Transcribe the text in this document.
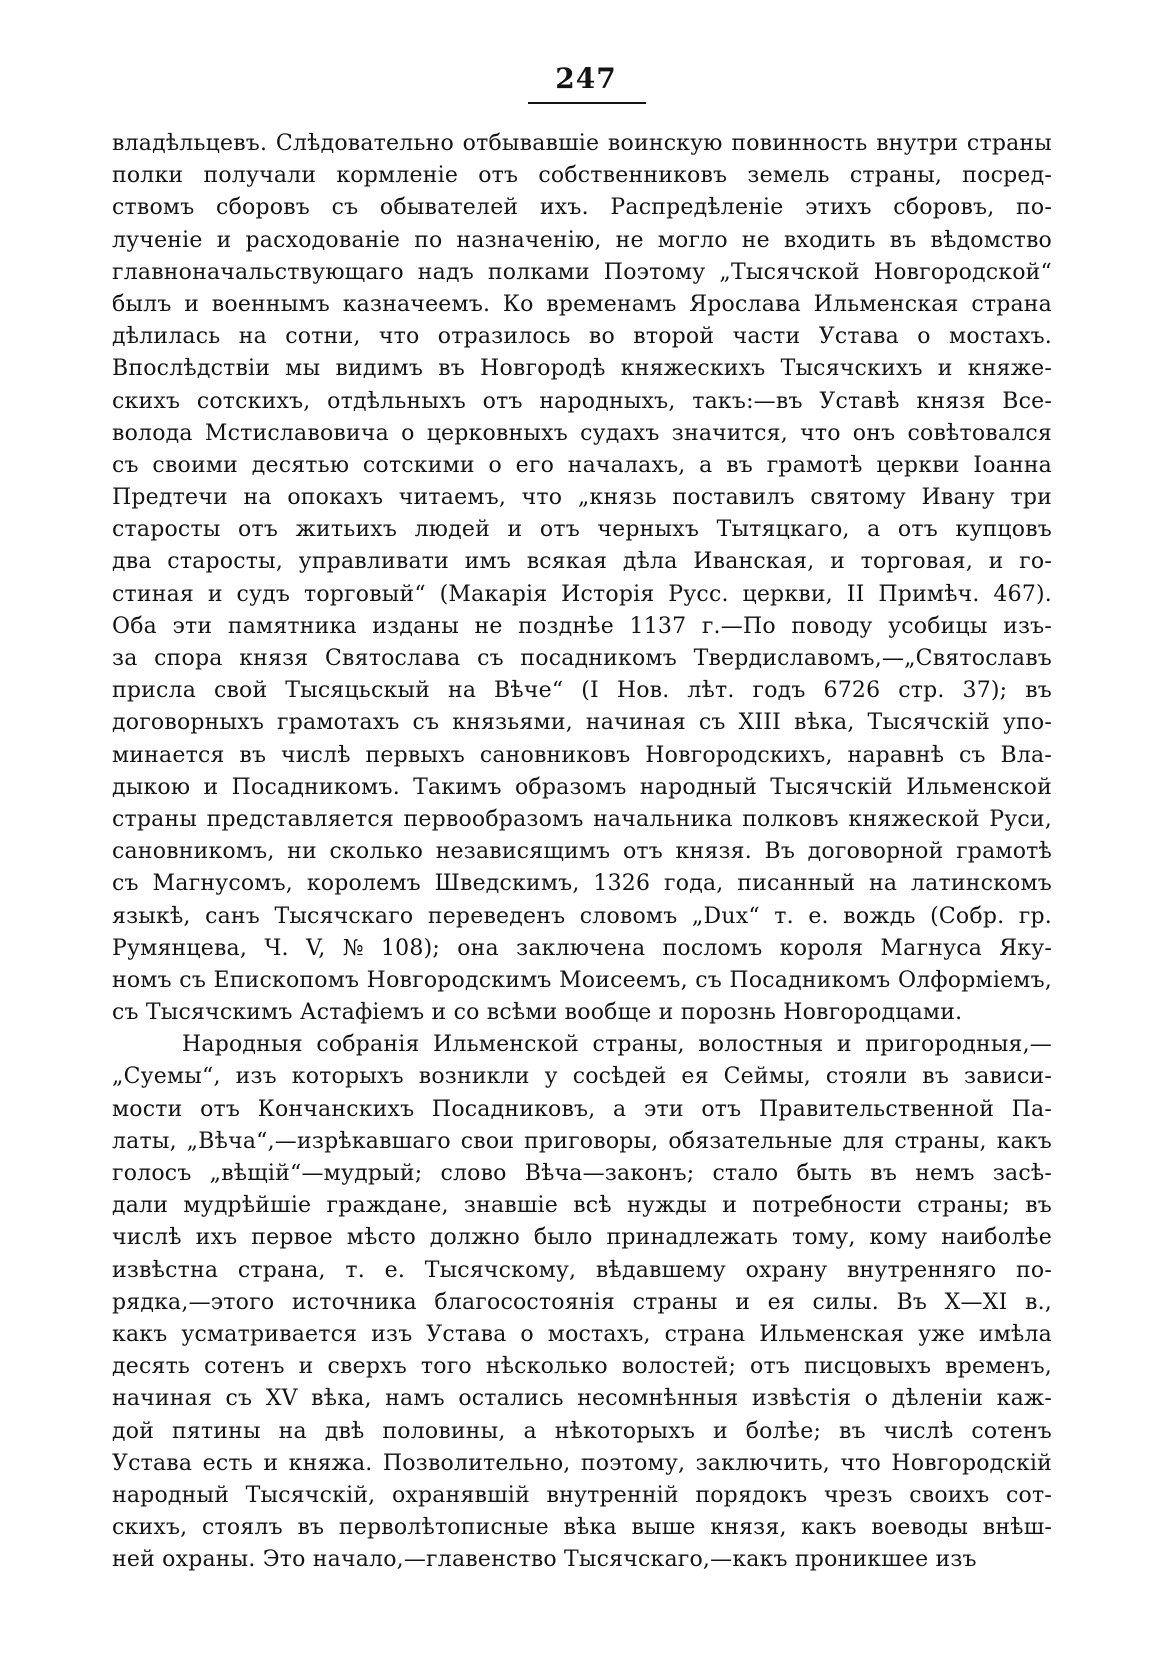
247
владѣльцевъ. Слѣдовательно отбывавшіе воинскую повинность внутри страны
полки получали кормленіе отъ собственниковъ земель страны, посред-
ствомъ сборовъ съ обывателей ихъ. Распредѣленіе этихъ сборовъ, по-
лученіе и расходованіе по назначенію, не могло не входить въ вѣдомство
главноначальствующаго надъ полками Поэтому „Тысячской Новгородской“
былъ и военнымъ казначеемъ. Ко временамъ Ярослава Ильменская страна
дѣлилась на сотни, что отразилось во второй части Устава о мостахъ.
Впослѣдствіи мы видимъ въ Новгородѣ княжескихъ Тысячскихъ и княже-
скихъ сотскихъ, отдѣльныхъ отъ народныхъ, такъ:—въ Уставѣ князя Все-
волода Мстиславовича о церковныхъ судахъ значится, что онъ совѣтовался
съ своими десятью сотскими о его началахъ, а въ грамотѣ церкви Іоанна
Предтечи на опокахъ читаемъ, что „князь поставилъ святому Ивану три
старосты отъ житьихъ людей и отъ черныхъ Тытяцкаго, а отъ купцовъ
два старосты, управливати имъ всякая дѣла Иванская, и торговая, и го-
стиная и судъ торговый“ (Макарія Исторія Русс. церкви, II Примѣч. 467).
Оба эти памятника изданы не позднѣе 1137 г.—По поводу усобицы изъ-
за спора князя Святослава съ посадникомъ Твердиславомъ,—„Святославъ
присла свой Тысяцьскый на Вѣче“ (I Нов. лѣт. годъ 6726 стр. 37); въ
договорныхъ грамотахъ съ князьями, начиная съ XIII вѣка, Тысячскій упо-
минается въ числѣ первыхъ сановниковъ Новгородскихъ, наравнѣ съ Вла-
дыкою и Посадникомъ. Такимъ образомъ народный Тысячскій Ильменской
страны представляется первообразомъ начальника полковъ княжеской Руси,
сановникомъ, ни сколько независящимъ отъ князя. Въ договорной грамотѣ
съ Магнусомъ, королемъ Шведскимъ, 1326 года, писанный на латинскомъ
языкѣ, санъ Тысячскаго переведенъ словомъ „Dux“ т. е. вождь (Собр. гр.
Румянцева, Ч. V, № 108); она заключена посломъ короля Магнуса Яку-
номъ съ Епископомъ Новгородскимъ Моисеемъ, съ Посадникомъ Олформіемъ,
съ Тысячскимъ Астафіемъ и со всѣми вообще и порознь Новгородцами.
Народныя собранія Ильменской страны, волостныя и пригородныя,—
„Суемы“, изъ которыхъ возникли у сосѣдей ея Сеймы, стояли въ зависи-
мости отъ Кончанскихъ Посадниковъ, а эти отъ Правительственной Па-
латы, „Вѣча“,—изрѣкавшаго свои приговоры, обязательные для страны, какъ
голосъ „вѣщій“—мудрый; слово Вѣча—законъ; стало быть въ немъ засѣ-
дали мудрѣйшіе граждане, знавшіе всѣ нужды и потребности страны; въ
числѣ ихъ первое мѣсто должно было принадлежать тому, кому наиболѣе
извѣстна страна, т. е. Тысячскому, вѣдавшему охрану внутренняго по-
рядка,—этого источника благосостоянія страны и ея силы. Въ X—XI в.,
какъ усматривается изъ Устава о мостахъ, страна Ильменская уже имѣла
десять сотенъ и сверхъ того нѣсколько волостей; отъ писцовыхъ временъ,
начиная съ XV вѣка, намъ остались несомнѣнныя извѣстія о дѣленіи каж-
дой пятины на двѣ половины, а нѣкоторыхъ и болѣе; въ числѣ сотенъ
Устава есть и княжа. Позволительно, поэтому, заключить, что Новгородскій
народный Тысячскій, охранявшій внутренній порядокъ чрезъ своихъ сот-
скихъ, стоялъ въ перволѣтописные вѣка выше князя, какъ воеводы внѣш-
ней охраны. Это начало,—главенство Тысячскаго,—какъ проникшее изъ
